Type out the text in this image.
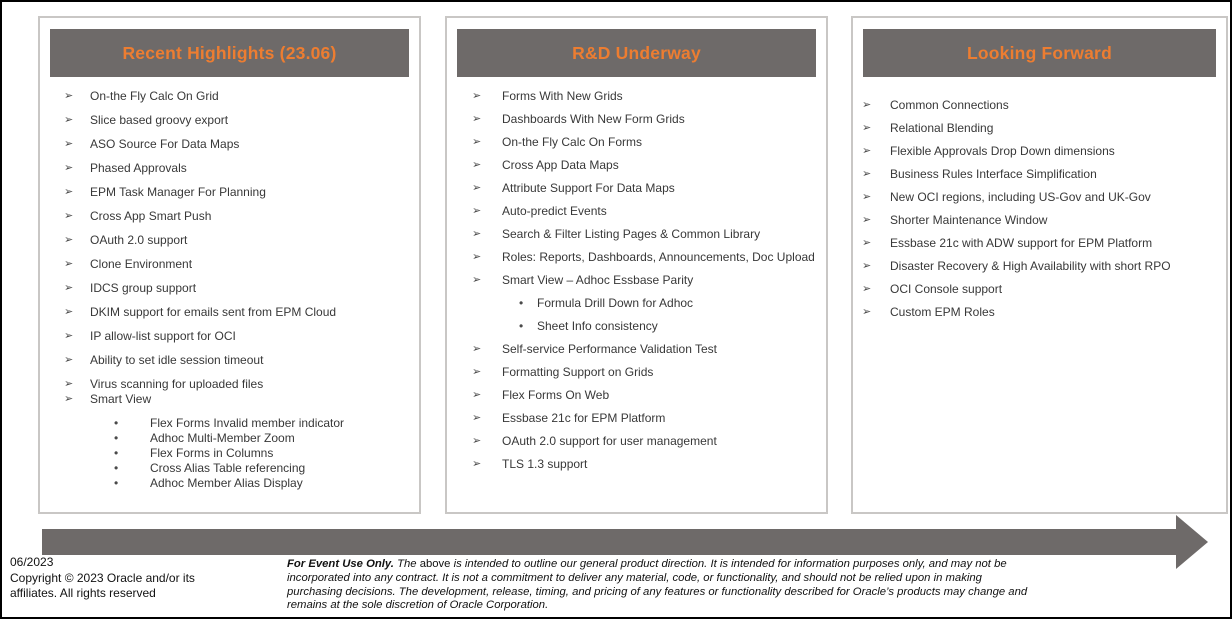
Recent Highlights (23.06)
➢	On-the Fly Calc On Grid
➢	Slice based groovy export
➢	ASO Source For Data Maps
➢	Phased Approvals
➢	EPM Task Manager For Planning
➢	Cross App Smart Push
➢	OAuth 2.0 support
➢	Clone Environment
➢	IDCS group support
➢	DKIM support for emails sent from EPM Cloud
➢	IP allow-list support for OCI
➢	Ability to set idle session timeout
➢	Virus scanning for uploaded files
➢	Smart View
•	Flex Forms Invalid member indicator
•	Adhoc Multi-Member Zoom
•	Flex Forms in Columns
•	Cross Alias Table referencing
•	Adhoc Member Alias Display
R&D Underway
➢	Forms With New Grids
➢	Dashboards With New Form Grids
➢	On-the Fly Calc On Forms
➢	Cross App Data Maps
➢	Attribute Support For Data Maps
➢	Auto-predict Events
➢	Search & Filter Listing Pages & Common Library
➢	Roles: Reports, Dashboards, Announcements, Doc Upload
➢	Smart View – Adhoc Essbase Parity
•	Formula Drill Down for Adhoc
•	Sheet Info consistency
➢	Self-service Performance Validation Test
➢	Formatting Support on Grids
➢	Flex Forms On Web
➢	Essbase 21c for EPM Platform
➢	OAuth 2.0 support for user management
➢	TLS 1.3 support
Looking Forward
➢	Common Connections
➢	Relational Blending
➢	Flexible Approvals Drop Down dimensions
➢	Business Rules Interface Simplification
➢	New OCI regions, including US-Gov and UK-Gov
➢	Shorter Maintenance Window
➢	Essbase 21c with ADW support for EPM Platform
➢	Disaster Recovery & High Availability with short RPO
➢	OCI Console support
➢	Custom EPM Roles
06/2023
Copyright © 2023 Oracle and/or its affiliates. All rights reserved
For Event Use Only. The above is intended to outline our general product direction. It is intended for information purposes only, and may not be incorporated into any contract. It is not a commitment to deliver any material, code, or functionality, and should not be relied upon in making purchasing decisions. The development, release, timing, and pricing of any features or functionality described for Oracle’s products may change and remains at the sole discretion of Oracle Corporation.
